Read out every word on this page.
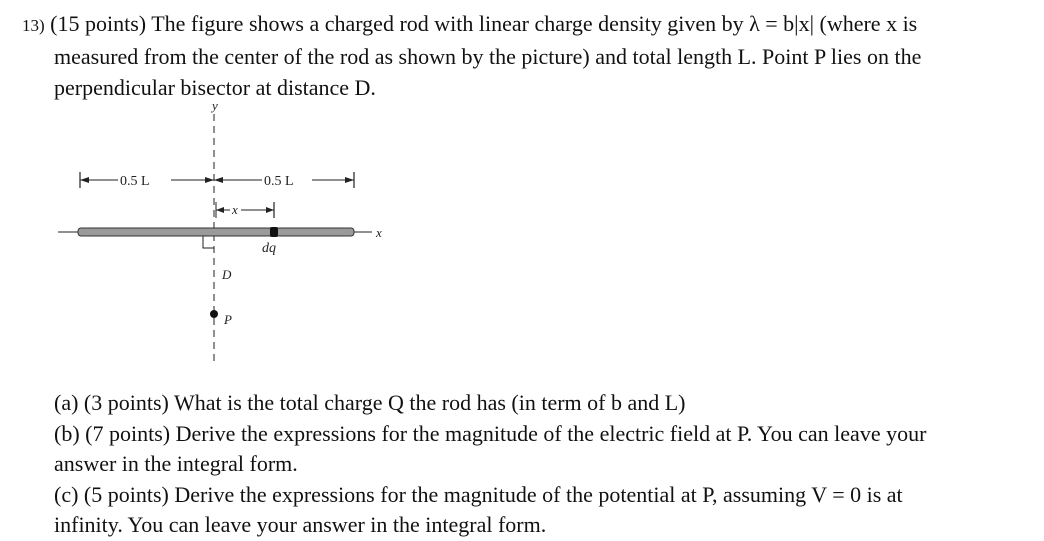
13) (15 points) The figure shows a charged rod with linear charge density given by λ = b|x| (where x is
measured from the center of the rod as shown by the picture) and total length L. Point P lies on the
perpendicular bisector at distance D.
y
0.5 L	0.5 L
x
x
dq
D
P
(a) (3 points) What is the total charge Q the rod has (in term of b and L)
(b) (7 points) Derive the expressions for the magnitude of the electric field at P. You can leave your
answer in the integral form.
(c) (5 points) Derive the expressions for the magnitude of the potential at P, assuming V = 0 is at
infinity. You can leave your answer in the integral form.
